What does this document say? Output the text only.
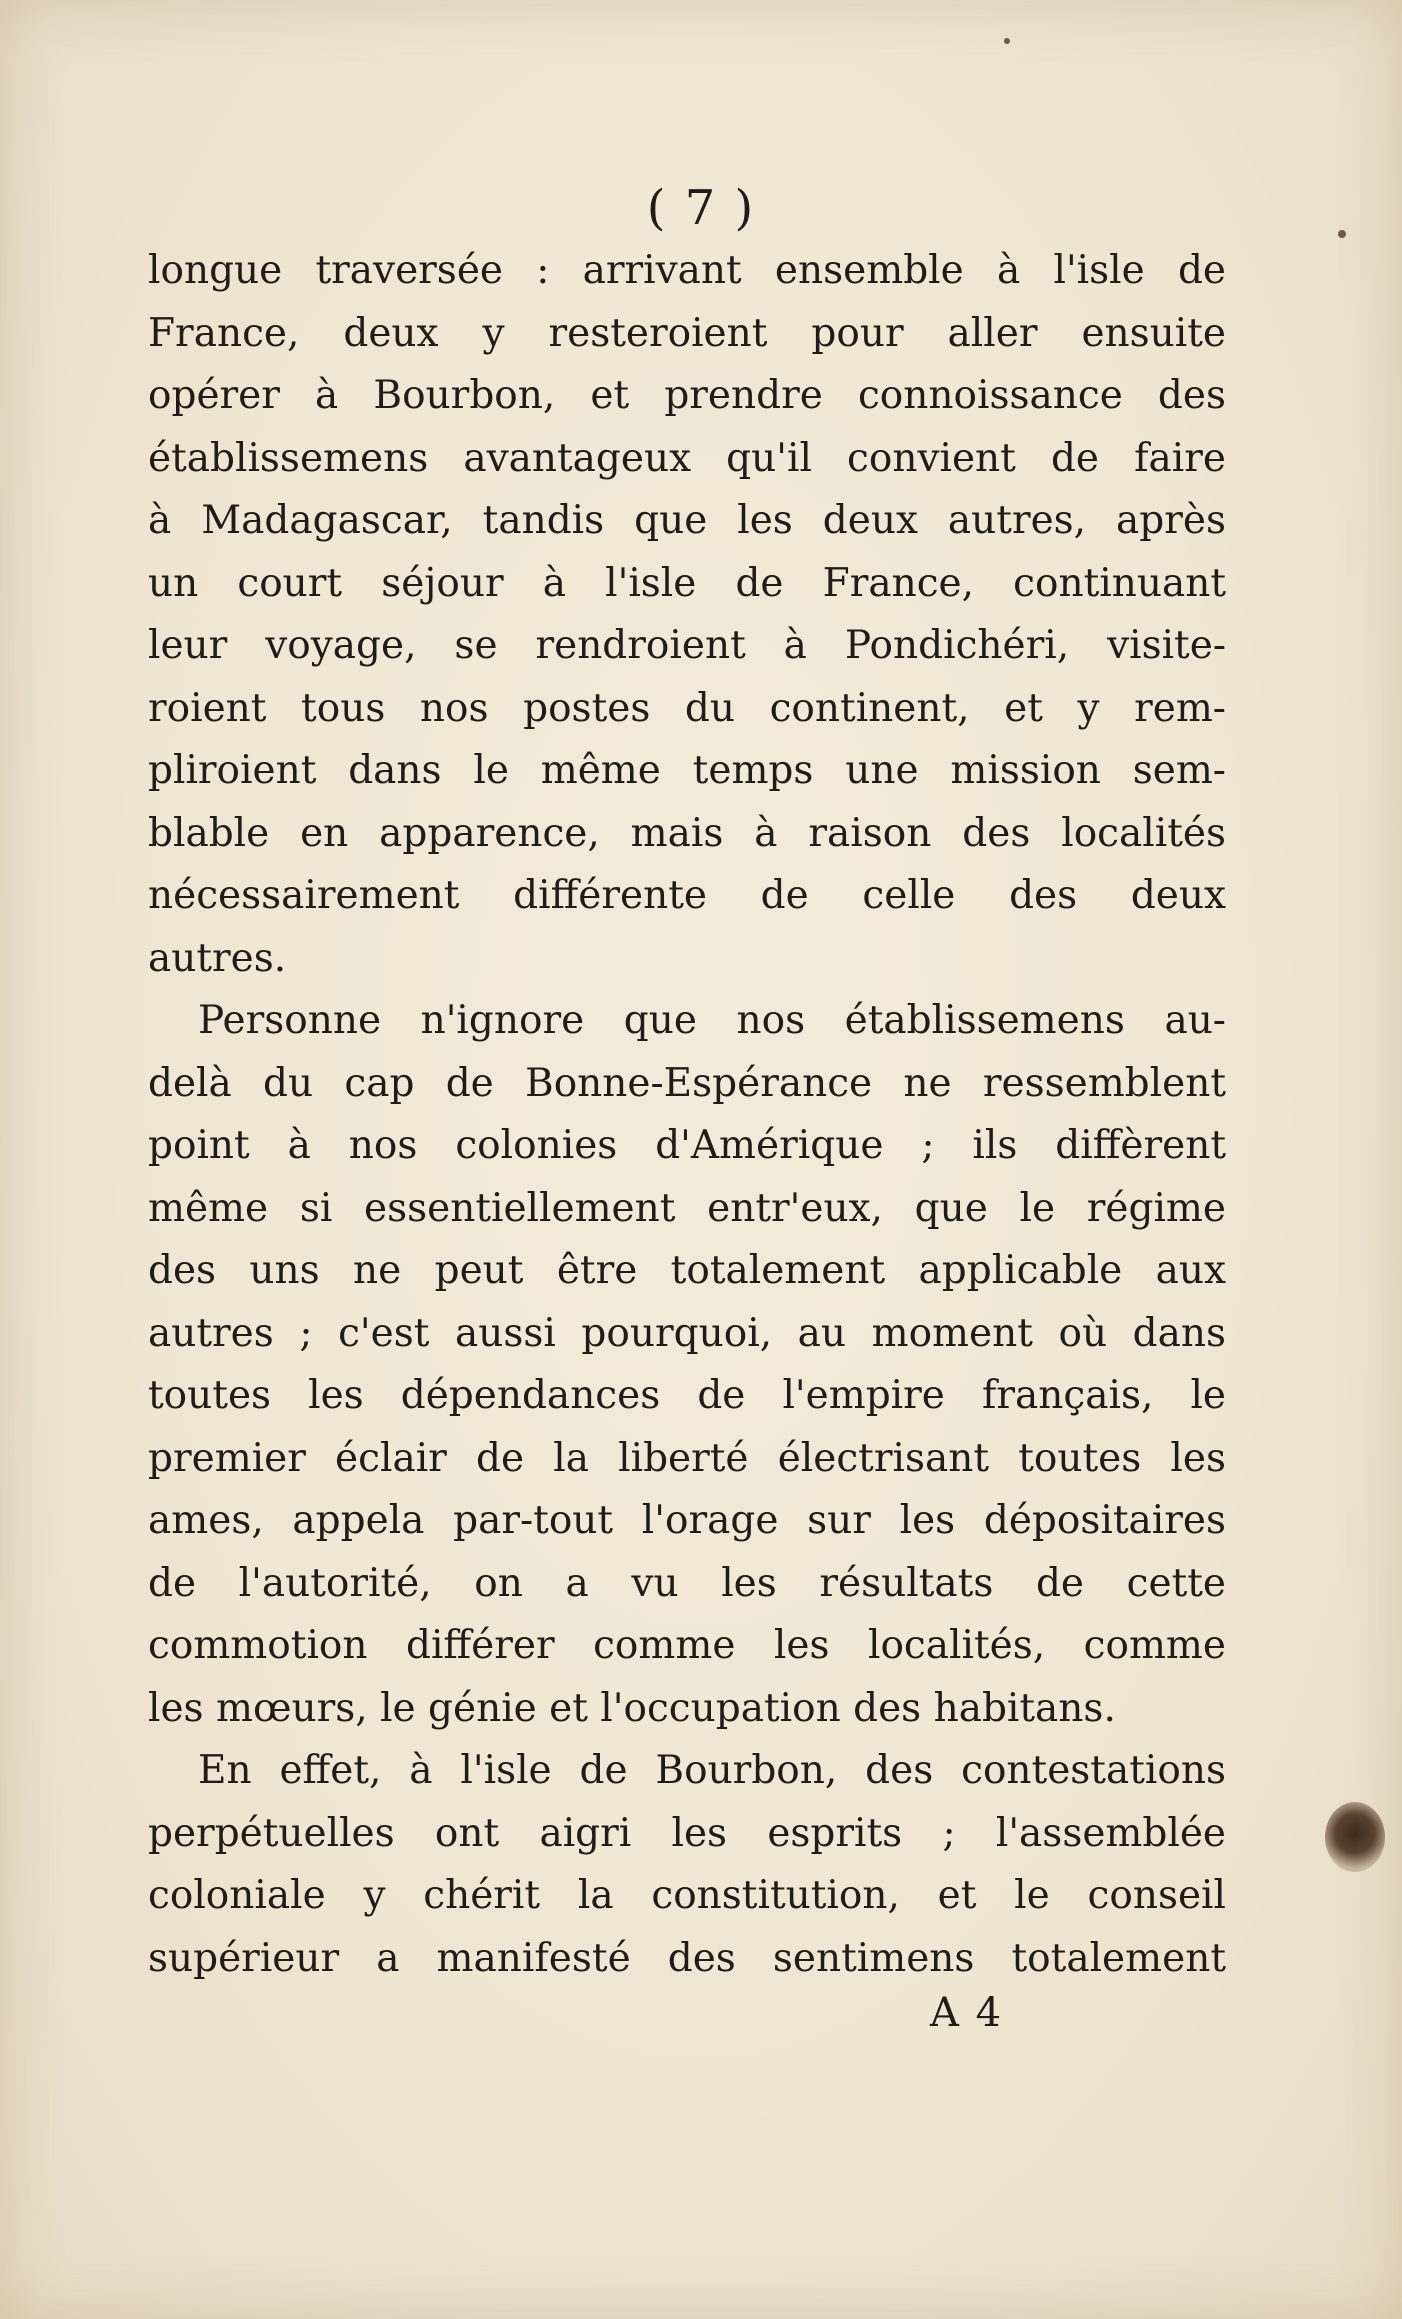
( 7 )
longue traversée : arrivant ensemble à l'isle de
France, deux y resteroient pour aller ensuite
opérer à Bourbon, et prendre connoissance des
établissemens avantageux qu'il convient de faire
à Madagascar, tandis que les deux autres, après
un court séjour à l'isle de France, continuant
leur voyage, se rendroient à Pondichéri, visite-
roient tous nos postes du continent, et y rem-
pliroient dans le même temps une mission sem-
blable en apparence, mais à raison des localités
nécessairement différente de celle des deux
autres.
Personne n'ignore que nos établissemens au-
delà du cap de Bonne-Espérance ne ressemblent
point à nos colonies d'Amérique ; ils diffèrent
même si essentiellement entr'eux, que le régime
des uns ne peut être totalement applicable aux
autres ; c'est aussi pourquoi, au moment où dans
toutes les dépendances de l'empire français, le
premier éclair de la liberté électrisant toutes les
ames, appela par-tout l'orage sur les dépositaires
de l'autorité, on a vu les résultats de cette
commotion différer comme les localités, comme
les mœurs, le génie et l'occupation des habitans.
En effet, à l'isle de Bourbon, des contestations
perpétuelles ont aigri les esprits ; l'assemblée
coloniale y chérit la constitution, et le conseil
supérieur a manifesté des sentimens totalement
A 4
